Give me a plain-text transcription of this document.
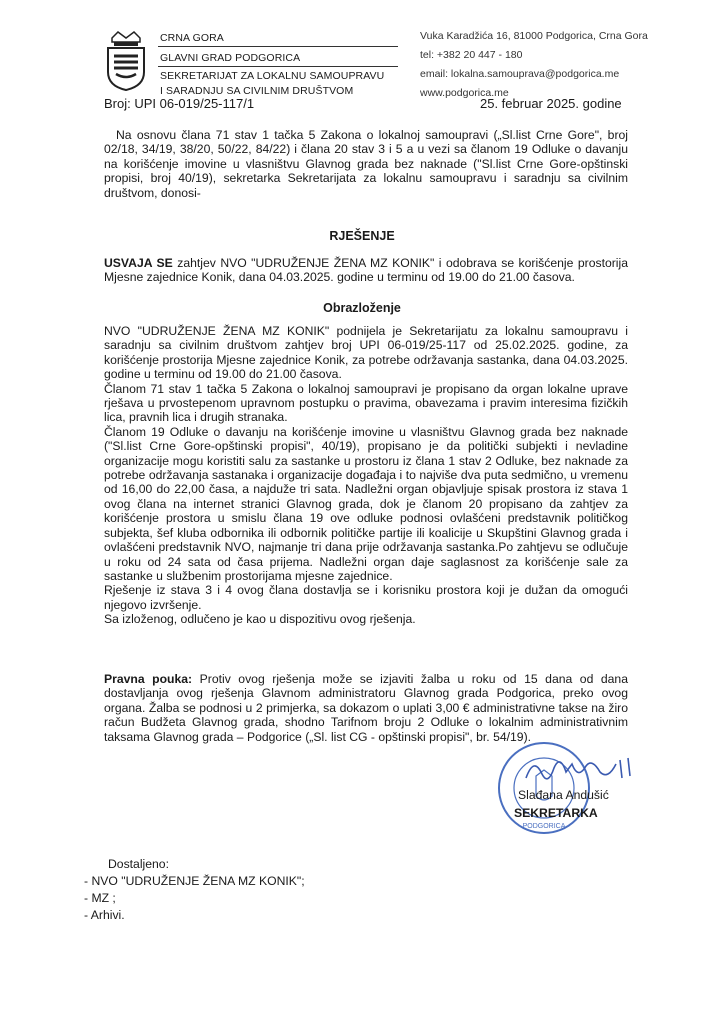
CRNA GORA
GLAVNI GRAD PODGORICA
SEKRETARIJAT ZA LOKALNU SAMOUPRAVU
I SARADNJU SA CIVILNIM DRUŠTVOM
Vuka Karadžića 16, 81000 Podgorica, Crna Gora
tel: +382 20 447 - 180
email: lokalna.samouprava@podgorica.me
www.podgorica.me
Broj: UPI 06-019/25-117/1	25. februar 2025. godine

Na osnovu člana 71 stav 1 tačka 5 Zakona o lokalnoj samoupravi („Sl.list Crne Gore", broj 02/18, 34/19, 38/20, 50/22, 84/22) i člana 20 stav 3 i 5 a u vezi sa članom 19 Odluke o davanju na korišćenje imovine u vlasništvu Glavnog grada bez naknade ("Sl.list Crne Gore-opštinski propisi, broj 40/19), sekretarka Sekretarijata za lokalnu samoupravu i saradnju sa civilnim društvom, donosi-

RJEŠENJE

USVAJA SE zahtjev NVO "UDRUŽENJE ŽENA MZ KONIK" i odobrava se korišćenje prostorija Mjesne zajednice Konik, dana 04.03.2025. godine u terminu od 19.00 do 21.00 časova.

Obrazloženje

NVO "UDRUŽENJE ŽENA MZ KONIK" podnijela je Sekretarijatu za lokalnu samoupravu i saradnju sa civilnim društvom zahtjev broj UPI 06-019/25-117 od 25.02.2025. godine, za korišćenje prostorija Mjesne zajednice Konik, za potrebe održavanja sastanka, dana 04.03.2025. godine u terminu od 19.00 do 21.00 časova.

Članom 71 stav 1 tačka 5 Zakona o lokalnoj samoupravi je propisano da organ lokalne uprave rješava u prvostepenom upravnom postupku o pravima, obavezama i pravim interesima fizičkih lica, pravnih lica i drugih stranaka.

Članom 19 Odluke o davanju na korišćenje imovine u vlasništvu Glavnog grada bez naknade ("Sl.list Crne Gore-opštinski propisi", 40/19), propisano je da politički subjekti i nevladine organizacije mogu koristiti salu za sastanke u prostoru iz člana 1 stav 2 Odluke, bez naknade za potrebe održavanja sastanaka i organizacije događaja i to najviše dva puta sedmično, u vremenu od 16,00 do 22,00 časa, a najduže tri sata. Nadležni organ objavljuje spisak prostora iz stava 1 ovog člana na internet stranici Glavnog grada, dok je članom 20 propisano da zahtjev za korišćenje prostora u smislu člana 19 ove odluke podnosi ovlašćeni predstavnik političkog subjekta, šef kluba odbornika ili odbornik političke partije ili koalicije u Skupštini Glavnog grada i ovlašćeni predstavnik NVO, najmanje tri dana prije održavanja sastanka.Po zahtjevu se odlučuje u roku od 24 sata od časa prijema. Nadležni organ daje saglasnost za korišćenje sale za sastanke u službenim prostorijama mjesne zajednice.

Rješenje iz stava 3 i 4 ovog člana dostavlja se i korisniku prostora koji je dužan da omogući njegovo izvršenje.

Sa izloženog, odlučeno je kao u dispozitivu ovog rješenja.

Pravna pouka: Protiv ovog rješenja može se izjaviti žalba u roku od 15 dana od dana dostavljanja ovog rješenja Glavnom administratoru Glavnog grada Podgorica, preko ovog organa. Žalba se podnosi u 2 primjerka, sa dokazom o uplati 3,00 € administrativne takse na žiro račun Budžeta Glavnog grada, shodno Tarifnom broju 2 Odluke o lokalnim administrativnim taksama Glavnog grada – Podgorice („Sl. list CG - opštinski propisi", br. 54/19).

PODGORICA
Slađana Andušić
SEKRETARKA
Dostaljeno:
- NVO "UDRUŽENJE ŽENA MZ KONIK";
- MZ ;
- Arhivi.
